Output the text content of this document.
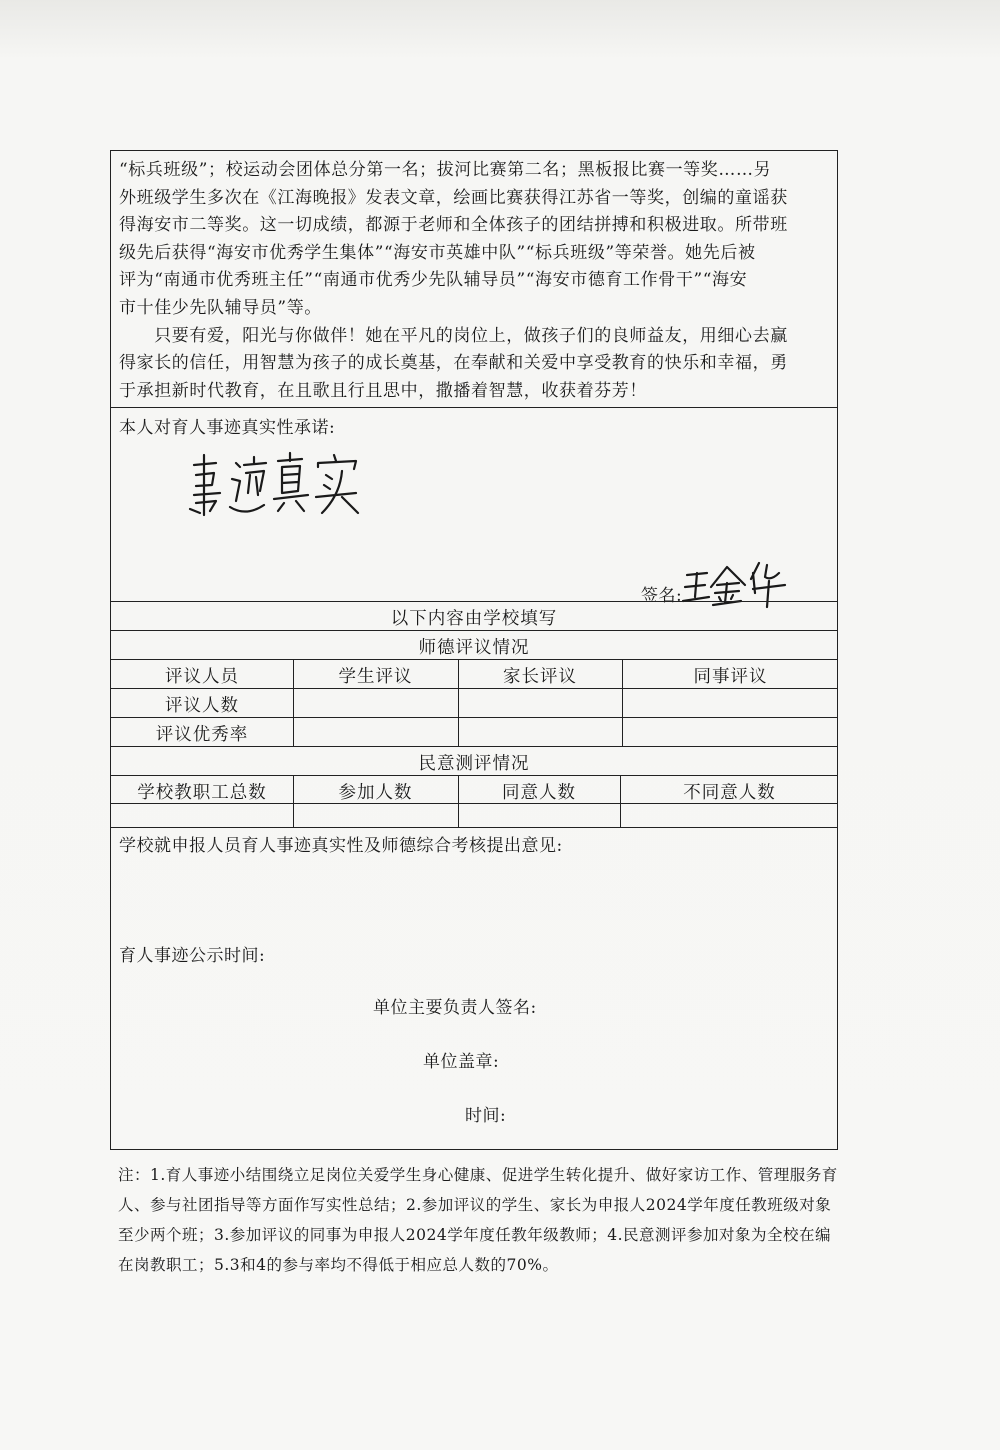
“标兵班级”；校运动会团体总分第一名；拔河比赛第二名；黑板报比赛一等奖……另

外班级学生多次在《江海晚报》发表文章，绘画比赛获得江苏省一等奖，创编的童谣获

得海安市二等奖。这一切成绩，都源于老师和全体孩子的团结拼搏和积极进取。所带班

级先后获得“海安市优秀学生集体”“海安市英雄中队”“标兵班级”等荣誉。她先后被

评为“南通市优秀班主任”“南通市优秀少先队辅导员”“海安市德育工作骨干”“海安

市十佳少先队辅导员”等。

　　只要有爱，阳光与你做伴！她在平凡的岗位上，做孩子们的良师益友，用细心去赢

得家长的信任，用智慧为孩子的成长奠基，在奉献和关爱中享受教育的快乐和幸福，勇

于承担新时代教育，在且歌且行且思中，撒播着智慧，收获着芬芳！

本人对育人事迹真实性承诺:
签名:
以下内容由学校填写
师德评议情况
评议人员	学生评议	家长评议	同事评议
评议人数
评议优秀率
民意测评情况
学校教职工总数	参加人数	同意人数	不同意人数
学校就申报人员育人事迹真实性及师德综合考核提出意见:
育人事迹公示时间:
单位主要负责人签名:
单位盖章:
时间:
注：1.育人事迹小结围绕立足岗位关爱学生身心健康、促进学生转化提升、做好家访工作、管理服务育人、参与社团指导等方面作写实性总结；2.参加评议的学生、家长为申报人2024学年度任教班级对象至少两个班；3.参加评议的同事为申报人2024学年度任教年级教师；4.民意测评参加对象为全校在编在岗教职工；5.3和4的参与率均不得低于相应总人数的70%。
